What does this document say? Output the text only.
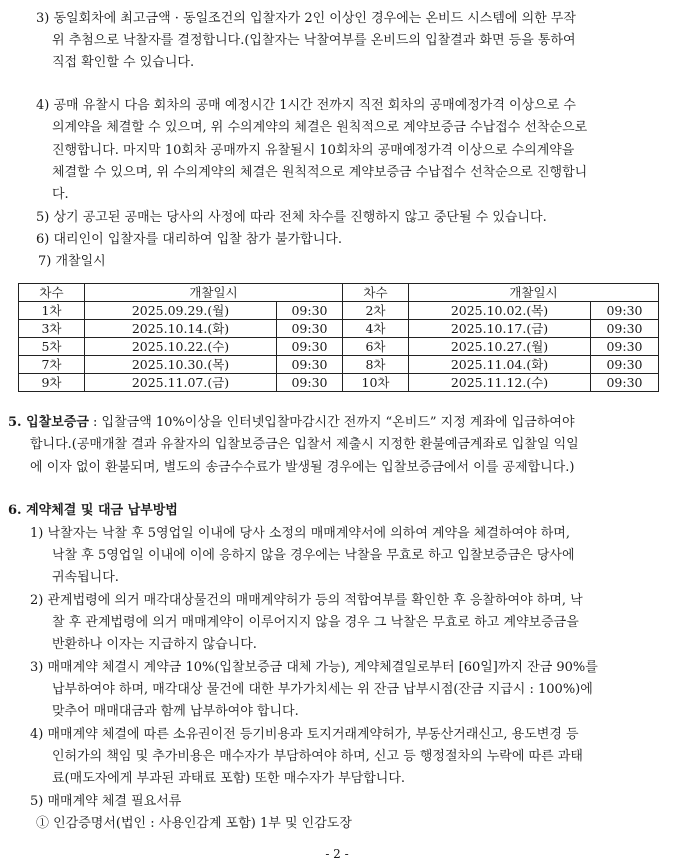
3) 동일회차에 최고금액 · 동일조건의 입찰자가 2인 이상인 경우에는 온비드 시스템에 의한 무작
위 추첨으로 낙찰자를 결정합니다.(입찰자는 낙찰여부를 온비드의 입찰결과 화면 등을 통하여
직접 확인할 수 있습니다.
4) 공매 유찰시 다음 회차의 공매 예정시간 1시간 전까지 직전 회차의 공매예정가격 이상으로 수
의계약을 체결할 수 있으며, 위 수의계약의 체결은 원칙적으로 계약보증금 수납접수 선착순으로
진행합니다. 마지막 10회차 공매까지 유찰될시 10회차의 공매예정가격 이상으로 수의계약을
체결할 수 있으며, 위 수의계약의 체결은 원칙적으로 계약보증금 수납접수 선착순으로 진행합니
다.
5) 상기 공고된 공매는 당사의 사정에 따라 전체 차수를 진행하지 않고 중단될 수 있습니다.
6) 대리인이 입찰자를 대리하여 입찰 참가 불가합니다.
7) 개찰일시
차수	개찰일시		차수	개찰일시	
1차	2025.09.29.(월)	09:30	2차	2025.10.02.(목)	09:30
3차	2025.10.14.(화)	09:30	4차	2025.10.17.(금)	09:30
5차	2025.10.22.(수)	09:30	6차	2025.10.27.(월)	09:30
7차	2025.10.30.(목)	09:30	8차	2025.11.04.(화)	09:30
9차	2025.11.07.(금)	09:30	10차	2025.11.12.(수)	09:30
5. 입찰보증금 : 입찰금액 10%이상을 인터넷입찰마감시간 전까지 “온비드” 지정 계좌에 입금하여야
합니다.(공매개찰 결과 유찰자의 입찰보증금은 입찰서 제출시 지정한 환불예금계좌로 입찰일 익일
에 이자 없이 환불되며, 별도의 송금수수료가 발생될 경우에는 입찰보증금에서 이를 공제합니다.)
6. 계약체결 및 대금 납부방법
1) 낙찰자는 낙찰 후 5영업일 이내에 당사 소정의 매매계약서에 의하여 계약을 체결하여야 하며,
낙찰 후 5영업일 이내에 이에 응하지 않을 경우에는 낙찰을 무효로 하고 입찰보증금은 당사에
귀속됩니다.
2) 관계법령에 의거 매각대상물건의 매매계약허가 등의 적합여부를 확인한 후 응찰하여야 하며, 낙
찰 후 관계법령에 의거 매매계약이 이루어지지 않을 경우 그 낙찰은 무효로 하고 계약보증금을
반환하나 이자는 지급하지 않습니다.
3) 매매계약 체결시 계약금 10%(입찰보증금 대체 가능), 계약체결일로부터 [60일]까지 잔금 90%를
납부하여야 하며, 매각대상 물건에 대한 부가가치세는 위 잔금 납부시점(잔금 지급시 : 100%)에
맞추어 매매대금과 함께 납부하여야 합니다.
4) 매매계약 체결에 따른 소유권이전 등기비용과 토지거래계약허가, 부동산거래신고, 용도변경 등
인허가의 책임 및 추가비용은 매수자가 부담하여야 하며, 신고 등 행정절차의 누락에 따른 과태
료(매도자에게 부과된 과태료 포함) 또한 매수자가 부담합니다.
5) 매매계약 체결 필요서류
① 인감증명서(법인 : 사용인감계 포함) 1부 및 인감도장
- 2 -
